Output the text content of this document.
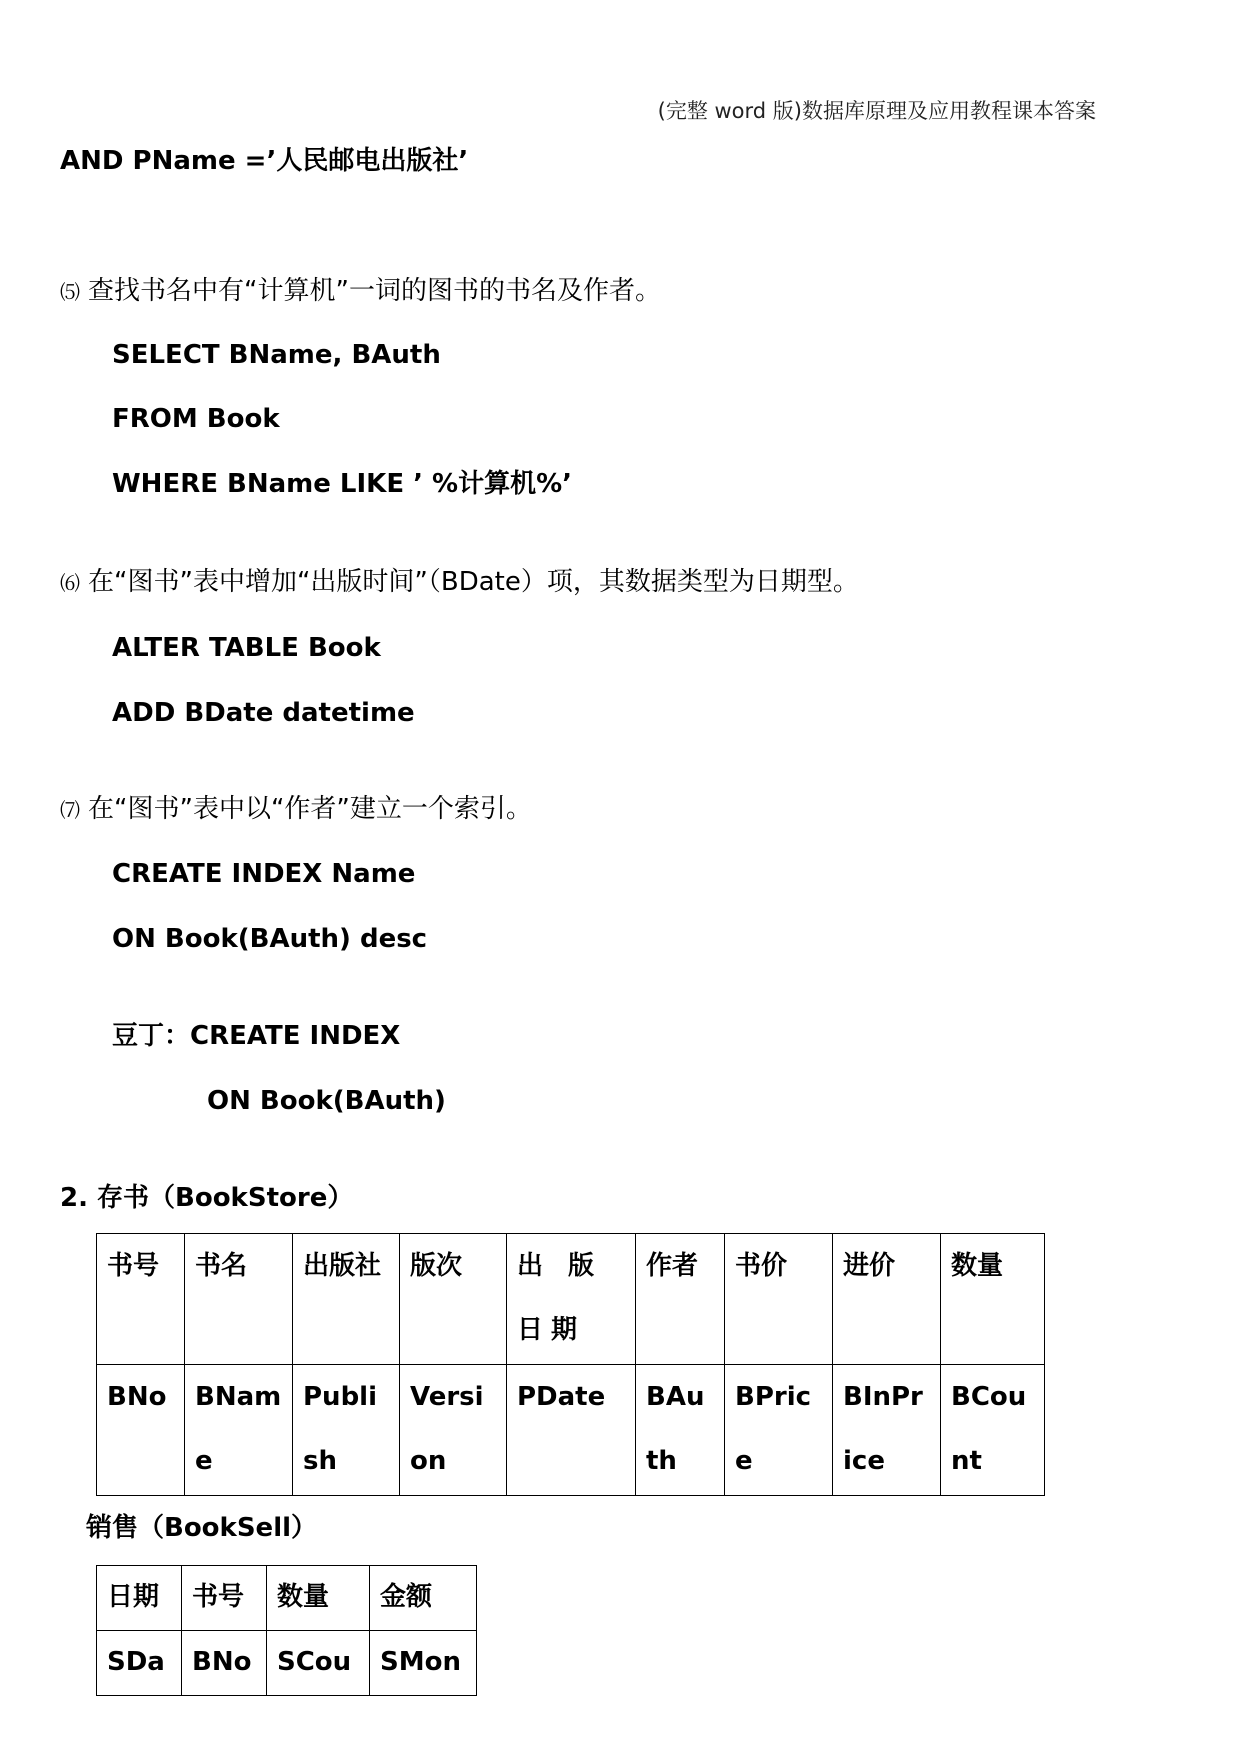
(完整 word 版)数据库原理及应用教程课本答案
AND PName =’人民邮电出版社’
⑸ 查找书名中有“计算机”一词的图书的书名及作者。
SELECT BName, BAuth
FROM Book
WHERE BName LIKE ’ %计算机%’
⑹ 在“图书”表中增加“出版时间”（BDate）项，其数据类型为日期型。
ALTER TABLE Book
ADD BDate datetime
⑺ 在“图书”表中以“作者”建立一个索引。
CREATE INDEX Name
ON Book(BAuth) desc
豆丁：CREATE INDEX
ON Book(BAuth)
2. 存书（BookStore）
书号	书名	出版社	版次	出 版 日期	作者	书价	进价	数量
BNo	BName	Publish	Version	PDate	BAuth	BPrice	BInPrice	BCount
销售（BookSell）
日期	书号	数量	金额
SDa	BNo	SCou	SMon
